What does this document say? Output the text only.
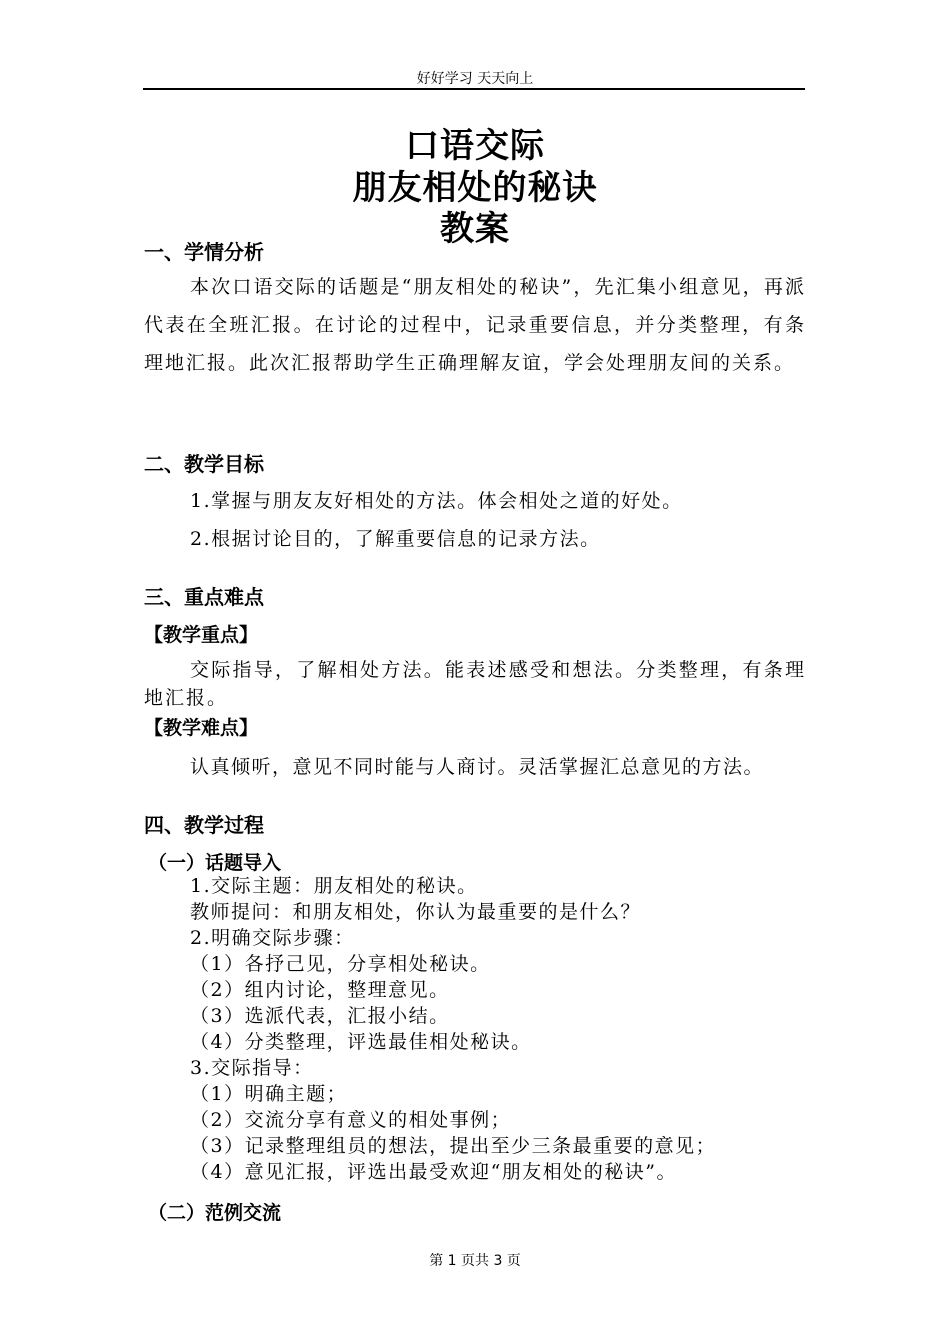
好好学习 天天向上
口语交际
朋友相处的秘诀
教案
一、学情分析
本次口语交际的话题是“朋友相处的秘诀”，先汇集小组意见，再派代表在全班汇报。在讨论的过程中，记录重要信息，并分类整理，有条理地汇报。此次汇报帮助学生正确理解友谊，学会处理朋友间的关系。
二、教学目标
1.掌握与朋友友好相处的方法。体会相处之道的好处。
2.根据讨论目的，了解重要信息的记录方法。
三、重点难点
【教学重点】
交际指导，了解相处方法。能表述感受和想法。分类整理，有条理地汇报。
【教学难点】
认真倾听，意见不同时能与人商讨。灵活掌握汇总意见的方法。
四、教学过程
（一）话题导入
1.交际主题：朋友相处的秘诀。
教师提问：和朋友相处，你认为最重要的是什么？
2.明确交际步骤：
（1）各抒己见，分享相处秘诀。
（2）组内讨论，整理意见。
（3）选派代表，汇报小结。
（4）分类整理，评选最佳相处秘诀。
3.交际指导：
（1）明确主题；
（2）交流分享有意义的相处事例；
（3）记录整理组员的想法，提出至少三条最重要的意见；
（4）意见汇报，评选出最受欢迎“朋友相处的秘诀”。
（二）范例交流
第 1 页共 3 页
